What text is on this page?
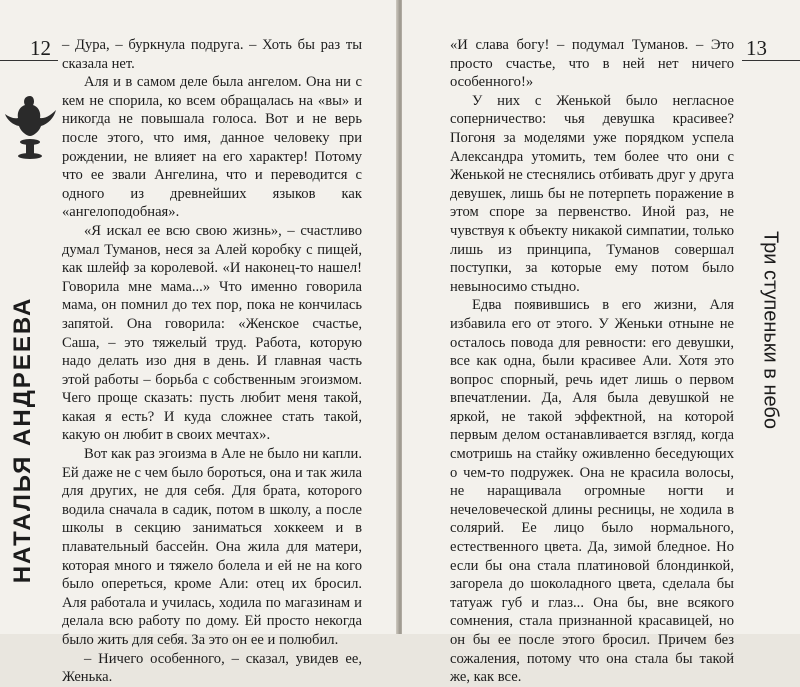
12
НАТАЛЬЯ АНДРЕЕВА

– Дура, – буркнула подруга. – Хоть бы раз ты сказала нет.

Аля и в самом деле была ангелом. Она ни с кем не спорила, ко всем обращалась на «вы» и никогда не повышала голоса. Вот и не верь после этого, что имя, данное человеку при рождении, не влияет на его характер! Потому что ее звали Ангелина, что и переводится с одного из древнейших языков как «ангелоподобная».

«Я искал ее всю свою жизнь», – счастливо думал Туманов, неся за Алей коробку с пищей, как шлейф за королевой. «И наконец-то нашел! Говорила мне мама...» Что именно говорила мама, он помнил до тех пор, пока не кончилась запятой. Она говорила: «Женское счастье, Саша, – это тяжелый труд. Работа, которую надо делать изо дня в день. И главная часть этой работы – борьба с собственным эгоизмом. Чего проще сказать: пусть любит меня такой, какая я есть? И куда сложнее стать такой, какую он любит в своих мечтах».

Вот как раз эгоизма в Але не было ни капли. Ей даже не с чем было бороться, она и так жила для других, не для себя. Для брата, которого водила сначала в садик, потом в школу, а после школы в секцию заниматься хоккеем и в плавательный бассейн. Она жила для матери, которая много и тяжело болела и ей не на кого было опереться, кроме Али: отец их бросил. Аля работала и училась, ходила по магазинам и делала всю работу по дому. Ей просто некогда было жить для себя. За это он ее и полюбил.

– Ничего особенного, – сказал, увидев ее, Женька.

13

«И слава богу! – подумал Туманов. – Это просто счастье, что в ней нет ничего особенного!»

У них с Женькой было негласное соперничество: чья девушка красивее? Погоня за моделями уже порядком успела Александра утомить, тем более что они с Женькой не стеснялись отбивать друг у друга девушек, лишь бы не потерпеть поражение в этом споре за первенство. Иной раз, не чувствуя к объекту никакой симпатии, только лишь из принципа, Туманов совершал поступки, за которые ему потом было невыносимо стыдно.

Едва появившись в его жизни, Аля избавила его от этого. У Женьки отныне не осталось повода для ревности: его девушки, все как одна, были красивее Али. Хотя это вопрос спорный, речь идет лишь о первом впечатлении. Да, Аля была девушкой не яркой, не такой эффектной, на которой первым делом останавливается взгляд, когда смотришь на стайку оживленно беседующих о чем-то подружек. Она не красила волосы, не наращивала огромные ногти и нечеловеческой длины ресницы, не ходила в солярий. Ее лицо было нормального, естественного цвета. Да, зимой бледное. Но если бы она стала платиновой блондинкой, загорела до шоколадного цвета, сделала бы татуаж губ и глаз... Она бы, вне всякого сомнения, стала признанной красавицей, но он бы ее после этого бросил. Причем без сожаления, потому что она стала бы такой же, как все.

Три ступеньки в небо
